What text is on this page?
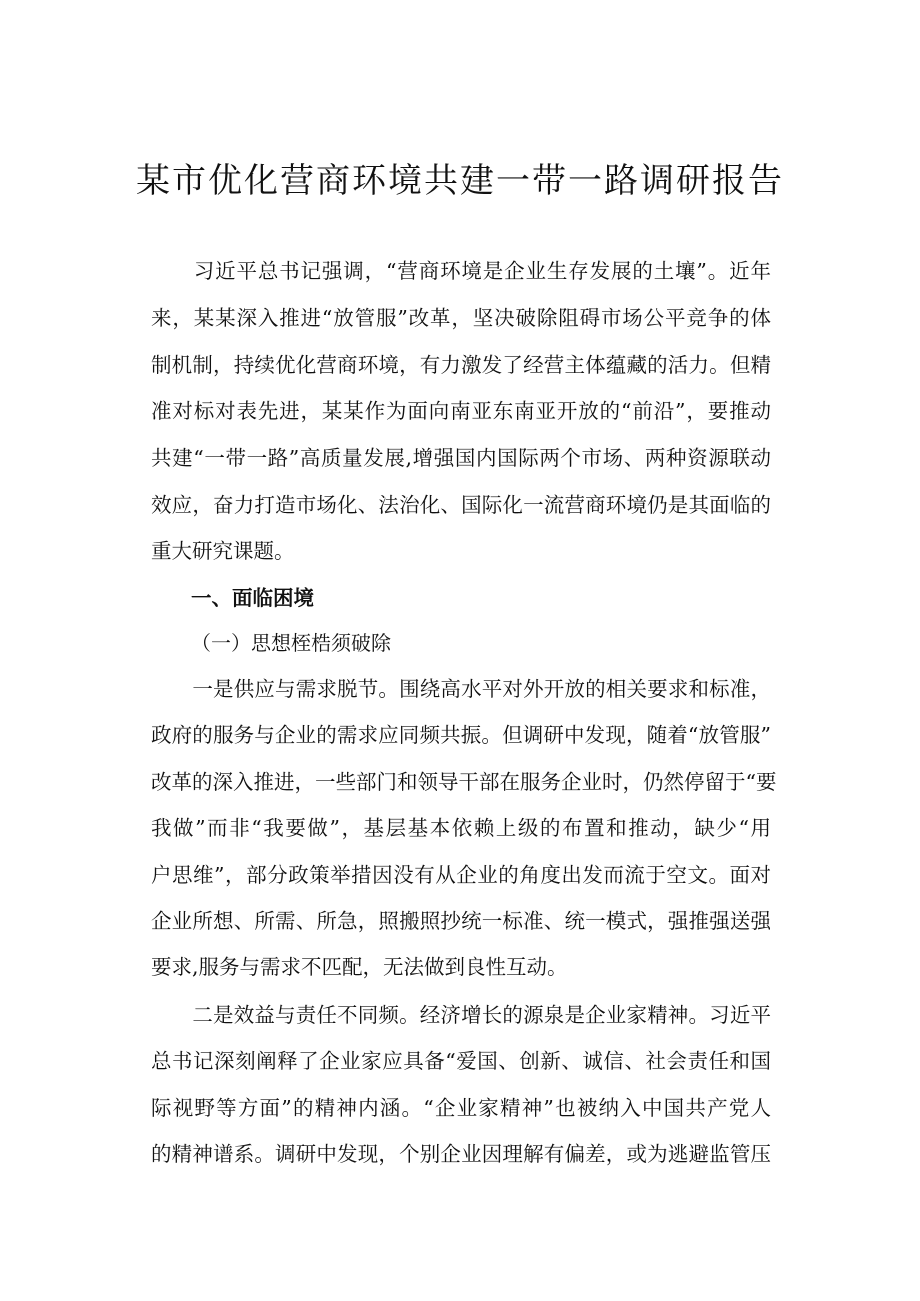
某市优化营商环境共建一带一路调研报告
　　习近平总书记强调，“营商环境是企业生存发展的土壤”。近年
来，某某深入推进“放管服”改革，坚决破除阻碍市场公平竞争的体
制机制，持续优化营商环境，有力激发了经营主体蕴藏的活力。但精
准对标对表先进，某某作为面向南亚东南亚开放的“前沿”，要推动
共建“一带一路”高质量发展,增强国内国际两个市场、两种资源联动
效应，奋力打造市场化、法治化、国际化一流营商环境仍是其面临的
重大研究课题。
一、面临困境
（一）思想桎梏须破除
　　一是供应与需求脱节。围绕高水平对外开放的相关要求和标准，
政府的服务与企业的需求应同频共振。但调研中发现，随着“放管服”
改革的深入推进，一些部门和领导干部在服务企业时，仍然停留于“要
我做”而非“我要做”，基层基本依赖上级的布置和推动，缺少“用
户思维”，部分政策举措因没有从企业的角度出发而流于空文。面对
企业所想、所需、所急，照搬照抄统一标准、统一模式，强推强送强
要求,服务与需求不匹配，无法做到良性互动。
　　二是效益与责任不同频。经济增长的源泉是企业家精神。习近平
总书记深刻阐释了企业家应具备“爱国、创新、诚信、社会责任和国
际视野等方面”的精神内涵。“企业家精神”也被纳入中国共产党人
的精神谱系。调研中发现，个别企业因理解有偏差，或为逃避监管压
